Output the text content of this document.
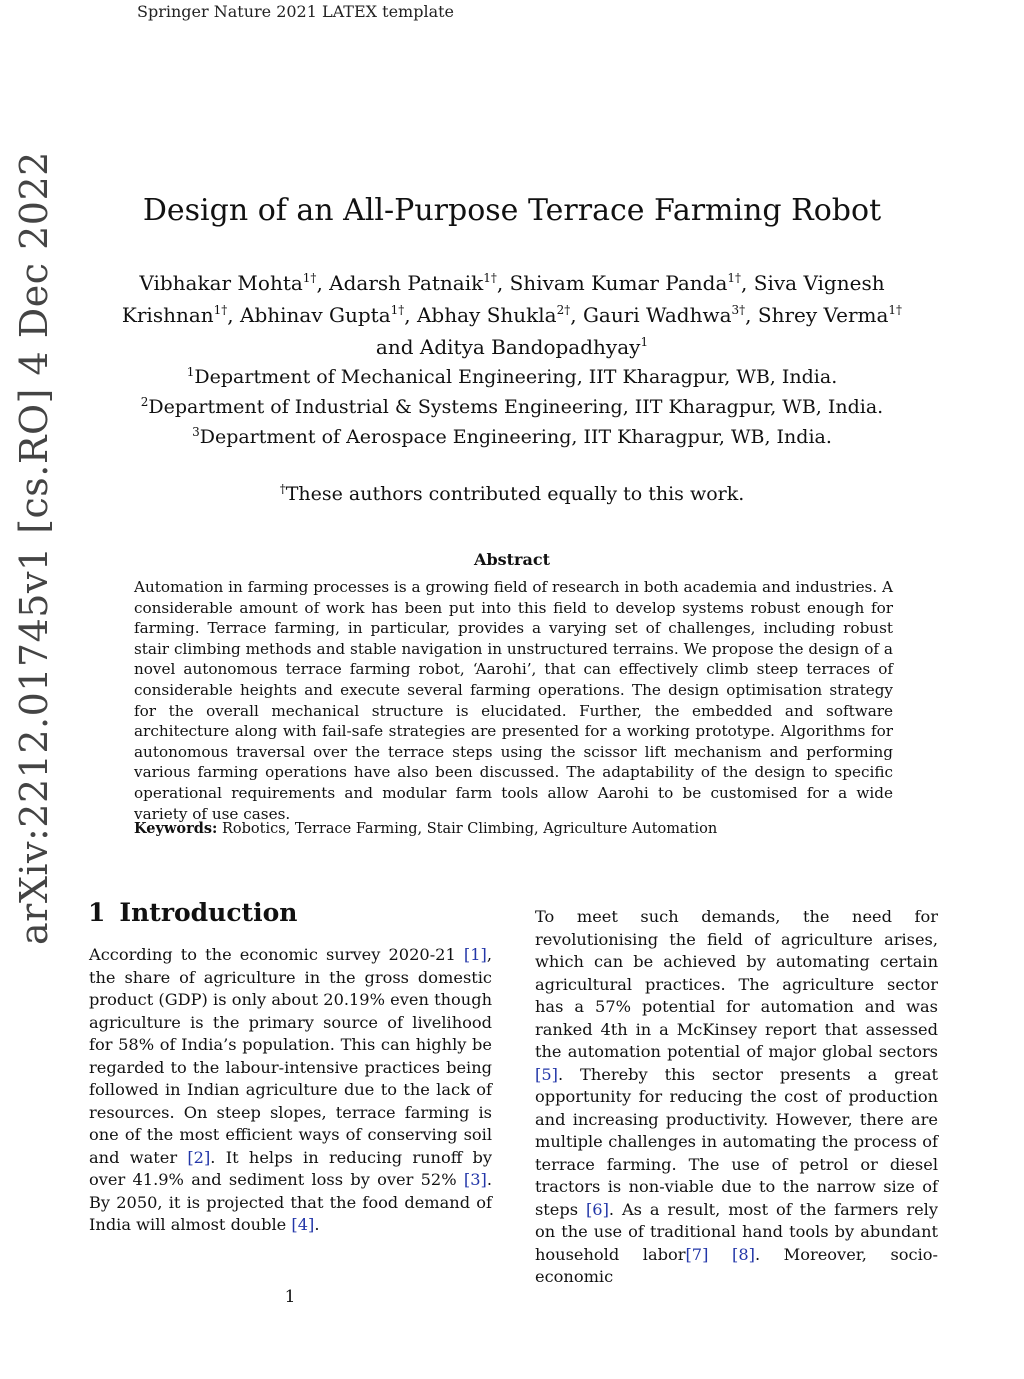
Springer Nature 2021 LATEX template
arXiv:2212.01745v1 [cs.RO] 4 Dec 2022	Design of an All-Purpose Terrace Farming Robot
Vibhakar Mohta$^{1\dagger}$, Adarsh Patnaik$^{1\dagger}$, Shivam Kumar Panda$^{1\dagger}$, Siva Vignesh Krishnan$^{1\dagger}$, Abhinav Gupta$^{1\dagger}$, Abhay Shukla$^{2\dagger}$, Gauri Wadhwa$^{3\dagger}$, Shrey Verma$^{1\dagger}$ and Aditya Bandopadhyay$^1$
$^1$Department of Mechanical Engineering, IIT Kharagpur, WB, India.
$^2$Department of Industrial & Systems Engineering, IIT Kharagpur, WB, India.
$^3$Department of Aerospace Engineering, IIT Kharagpur, WB, India.
†These authors contributed equally to this work.
Abstract
Automation in farming processes is a growing field of research in both academia and industries. A considerable amount of work has been put into this field to develop systems robust enough for farming. Terrace farming, in particular, provides a varying set of challenges, including robust stair climbing methods and stable navigation in unstructured terrains. We propose the design of a novel autonomous terrace farming robot, ‘Aarohi’, that can effectively climb steep terraces of considerable heights and execute several farming operations. The design optimisation strategy for the overall mechanical structure is elucidated. Further, the embedded and software architecture along with fail-safe strategies are presented for a working prototype. Algorithms for autonomous traversal over the terrace steps using the scissor lift mechanism and performing various farming operations have also been discussed. The adaptability of the design to specific operational requirements and modular farm tools allow Aarohi to be customised for a wide variety of use cases.
Keywords: Robotics, Terrace Farming, Stair Climbing, Agriculture Automation
1 Introduction
According to the economic survey 2020-21 [1], the share of agriculture in the gross domestic product (GDP) is only about 20.19% even though agriculture is the primary source of livelihood for 58% of India’s population. This can highly be regarded to the labour-intensive practices being followed in Indian agriculture due to the lack of resources. On steep slopes, terrace farming is one of the most efficient ways of conserving soil and water [2]. It helps in reducing runoff by over 41.9% and sediment loss by over 52% [3]. By 2050, it is projected that the food demand of India will almost double [4].
To meet such demands, the need for revolutionising the field of agriculture arises, which can be achieved by automating certain agricultural practices. The agriculture sector has a 57% potential for automation and was ranked 4th in a McKinsey report that assessed the automation potential of major global sectors [5]. Thereby this sector presents a great opportunity for reducing the cost of production and increasing productivity. However, there are multiple challenges in automating the process of terrace farming. The use of petrol or diesel tractors is non-viable due to the narrow size of steps [6]. As a result, most of the farmers rely on the use of traditional hand tools by abundant household labor[7] [8]. Moreover, socio-economic
1
